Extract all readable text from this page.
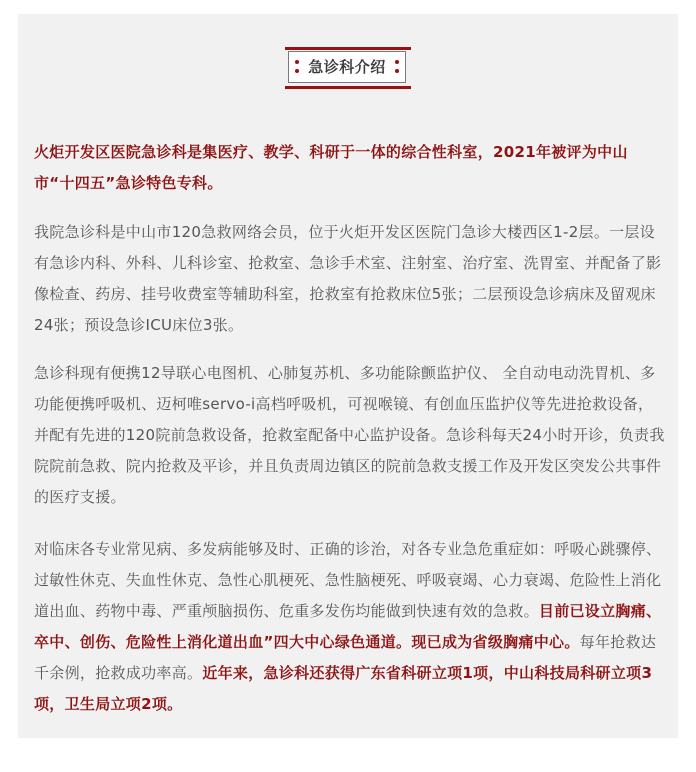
急诊科介绍

火炬开发区医院急诊科是集医疗、教学、科研于一体的综合性科室，2021年被评为中山市“十四五”急诊特色专科。

我院急诊科是中山市120急救网络会员，位于火炬开发区医院门急诊大楼西区1-2层。一层设有急诊内科、外科、儿科诊室、抢救室、急诊手术室、注射室、治疗室、洗胃室、并配备了影像检查、药房、挂号收费室等辅助科室，抢救室有抢救床位5张；二层预设急诊病床及留观床24张；预设急诊ICU床位3张。

急诊科现有便携12导联心电图机、心肺复苏机、多功能除颤监护仪、 全自动电动洗胃机、多功能便携呼吸机、迈柯唯servo-i高档呼吸机，可视喉镜、有创血压监护仪等先进抢救设备，并配有先进的120院前急救设备，抢救室配备中心监护设备。急诊科每天24小时开诊，负责我院院前急救、院内抢救及平诊，并且负责周边镇区的院前急救支援工作及开发区突发公共事件的医疗支援。

对临床各专业常见病、多发病能够及时、正确的诊治，对各专业急危重症如：呼吸心跳骤停、过敏性休克、失血性休克、急性心肌梗死、急性脑梗死、呼吸衰竭、心力衰竭、危险性上消化道出血、药物中毒、严重颅脑损伤、危重多发伤均能做到快速有效的急救。目前已设立胸痛、卒中、创伤、危险性上消化道出血”四大中心绿色通道。现已成为省级胸痛中心。每年抢救达千余例，抢救成功率高。近年来，急诊科还获得广东省科研立项1项，中山科技局科研立项3项，卫生局立项2项。
